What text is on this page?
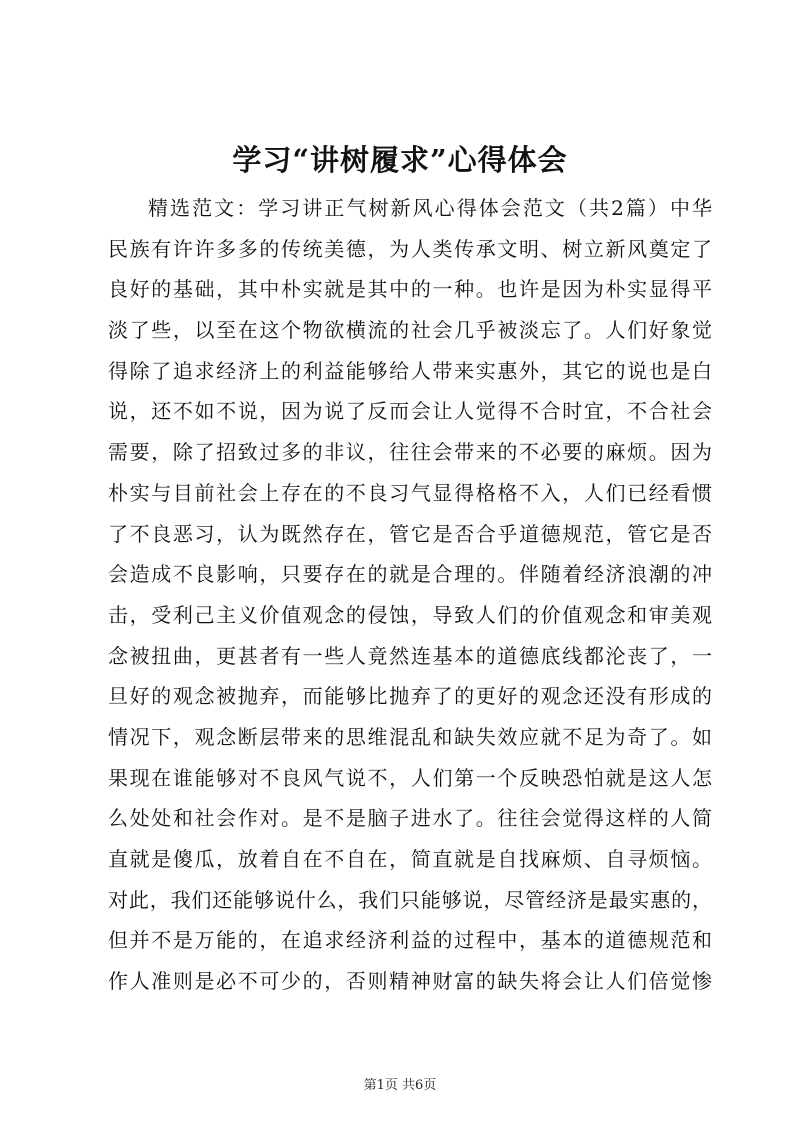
学习“讲树履求”心得体会
精选范文：学习讲正气树新风心得体会范文（共2篇）中华
民族有许许多多的传统美德，为人类传承文明、树立新风奠定了
良好的基础，其中朴实就是其中的一种。也许是因为朴实显得平
淡了些，以至在这个物欲横流的社会几乎被淡忘了。人们好象觉
得除了追求经济上的利益能够给人带来实惠外，其它的说也是白
说，还不如不说，因为说了反而会让人觉得不合时宜，不合社会
需要，除了招致过多的非议，往往会带来的不必要的麻烦。因为
朴实与目前社会上存在的不良习气显得格格不入，人们已经看惯
了不良恶习，认为既然存在，管它是否合乎道德规范，管它是否
会造成不良影响，只要存在的就是合理的。伴随着经济浪潮的冲
击，受利己主义价值观念的侵蚀，导致人们的价值观念和审美观
念被扭曲，更甚者有一些人竟然连基本的道德底线都沦丧了，一
旦好的观念被抛弃，而能够比抛弃了的更好的观念还没有形成的
情况下，观念断层带来的思维混乱和缺失效应就不足为奇了。如
果现在谁能够对不良风气说不，人们第一个反映恐怕就是这人怎
么处处和社会作对。是不是脑子进水了。往往会觉得这样的人简
直就是傻瓜，放着自在不自在，简直就是自找麻烦、自寻烦恼。
对此，我们还能够说什么，我们只能够说，尽管经济是最实惠的，
但并不是万能的，在追求经济利益的过程中，基本的道德规范和
作人准则是必不可少的，否则精神财富的缺失将会让人们倍觉惨
第1页 共6页
